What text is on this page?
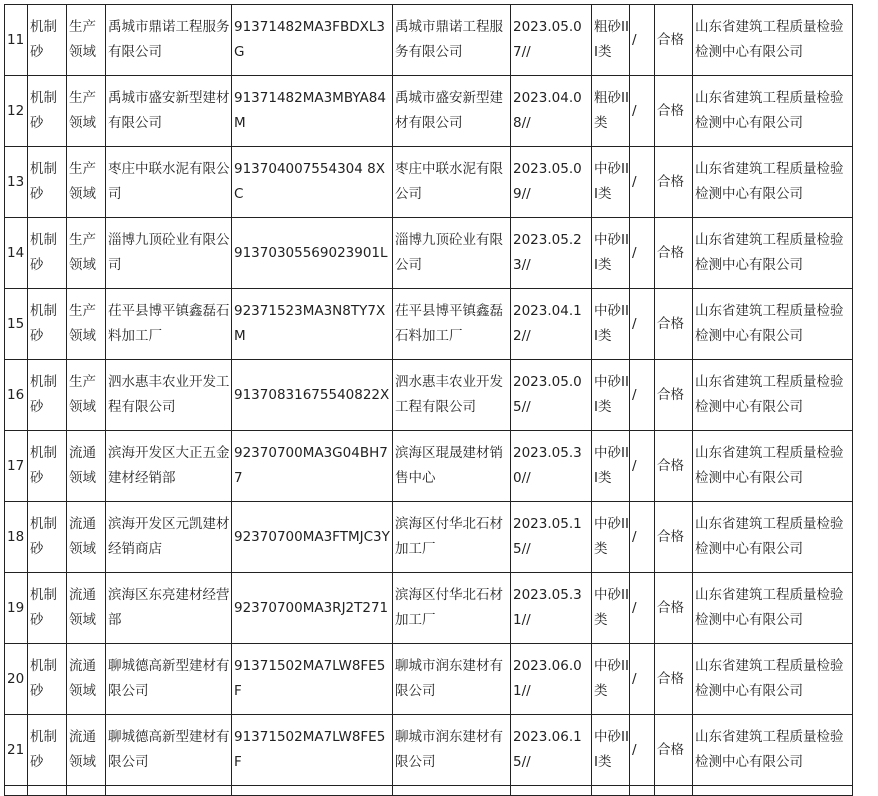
11	机制砂	生产领域	禹城市鼎诺工程服务有限公司	91371482MA3FBDXL3G	禹城市鼎诺工程服务有限公司	2023.05.07//	粗砂III类	/	合格	山东省建筑工程质量检验检测中心有限公司
12	机制砂	生产领域	禹城市盛安新型建材有限公司	91371482MA3MBYA84M	禹城市盛安新型建材有限公司	2023.04.08//	粗砂II类	/	合格	山东省建筑工程质量检验检测中心有限公司
13	机制砂	生产领域	枣庄中联水泥有限公司	913704007554304 8XC	枣庄中联水泥有限公司	2023.05.09//	中砂III类	/	合格	山东省建筑工程质量检验检测中心有限公司
14	机制砂	生产领域	淄博九顶砼业有限公司	91370305569023901L	淄博九顶砼业有限公司	2023.05.23//	中砂III类	/	合格	山东省建筑工程质量检验检测中心有限公司
15	机制砂	生产领域	茌平县博平镇鑫磊石料加工厂	92371523MA3N8TY7XM	茌平县博平镇鑫磊石料加工厂	2023.04.12//	中砂III类	/	合格	山东省建筑工程质量检验检测中心有限公司
16	机制砂	生产领域	泗水惠丰农业开发工程有限公司	91370831675540822X	泗水惠丰农业开发工程有限公司	2023.05.05//	中砂III类	/	合格	山东省建筑工程质量检验检测中心有限公司
17	机制砂	流通领域	滨海开发区大正五金建材经销部	92370700MA3G04BH77	滨海区琨晟建材销售中心	2023.05.30//	中砂III类	/	合格	山东省建筑工程质量检验检测中心有限公司
18	机制砂	流通领域	滨海开发区元凯建材经销商店	92370700MA3FTMJC3Y	滨海区付华北石材加工厂	2023.05.15//	中砂II类	/	合格	山东省建筑工程质量检验检测中心有限公司
19	机制砂	流通领域	滨海区东亮建材经营部	92370700MA3RJ2T271	滨海区付华北石材加工厂	2023.05.31//	中砂II类	/	合格	山东省建筑工程质量检验检测中心有限公司
20	机制砂	流通领域	聊城德高新型建材有限公司	91371502MA7LW8FE5F	聊城市润东建材有限公司	2023.06.01//	中砂II类	/	合格	山东省建筑工程质量检验检测中心有限公司
21	机制砂	流通领域	聊城德高新型建材有限公司	91371502MA7LW8FE5F	聊城市润东建材有限公司	2023.06.15//	中砂III类	/	合格	山东省建筑工程质量检验检测中心有限公司
